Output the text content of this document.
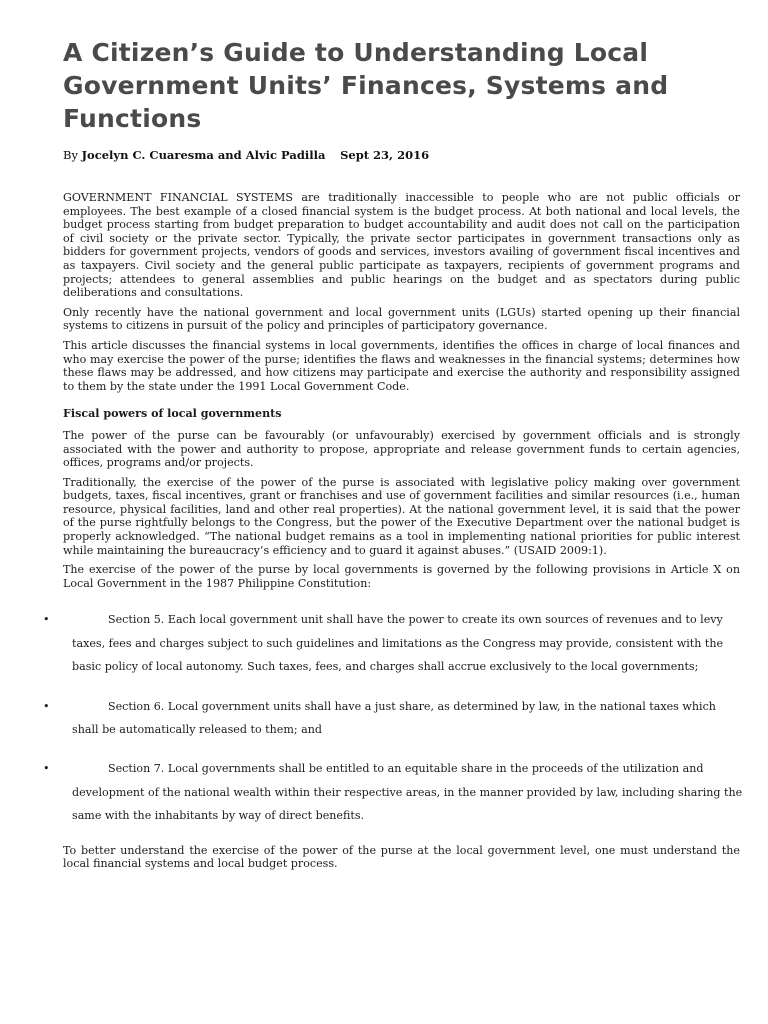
A Citizen’s Guide to Understanding Local Government Units’ Finances, Systems and Functions
By Jocelyn C. Cuaresma and Alvic Padilla Sept 23, 2016

GOVERNMENT FINANCIAL SYSTEMS are traditionally inaccessible to people who are not public officials or employees. The best example of a closed financial system is the budget process. At both national and local levels, the budget process starting from budget preparation to budget accountability and audit does not call on the participation of civil society or the private sector. Typically, the private sector participates in government transactions only as bidders for government projects, vendors of goods and services, investors availing of government fiscal incentives and as taxpayers. Civil society and the general public participate as taxpayers, recipients of government programs and projects; attendees to general assemblies and public hearings on the budget and as spectators during public deliberations and consultations.

Only recently have the national government and local government units (LGUs) started opening up their financial systems to citizens in pursuit of the policy and principles of participatory governance.

This article discusses the financial systems in local governments, identifies the offices in charge of local finances and who may exercise the power of the purse; identifies the flaws and weaknesses in the financial systems; determines how these flaws may be addressed, and how citizens may participate and exercise the authority and responsibility assigned to them by the state under the 1991 Local Government Code.

Fiscal powers of local governments

The power of the purse can be favourably (or unfavourably) exercised by government officials and is strongly associated with the power and authority to propose, appropriate and release government funds to certain agencies, offices, programs and/or projects.

Traditionally, the exercise of the power of the purse is associated with legislative policy making over government budgets, taxes, fiscal incentives, grant or franchises and use of government facilities and similar resources (i.e., human resource, physical facilities, land and other real properties). At the national government level, it is said that the power of the purse rightfully belongs to the Congress, but the power of the Executive Department over the national budget is properly acknowledged. “The national budget remains as a tool in implementing national priorities for public interest while maintaining the bureaucracy’s efficiency and to guard it against abuses.” (USAID 2009:1).

The exercise of the power of the purse by local governments is governed by the following provisions in Article X on Local Government in the 1987 Philippine Constitution:

•	Section 5. Each local government unit shall have the power to create its own sources of revenues and to levy taxes, fees and charges subject to such guidelines and limitations as the Congress may provide, consistent with the basic policy of local autonomy. Such taxes, fees, and charges shall accrue exclusively to the local governments;
•	Section 6. Local government units shall have a just share, as determined by law, in the national taxes which shall be automatically released to them; and
•	Section 7. Local governments shall be entitled to an equitable share in the proceeds of the utilization and development of the national wealth within their respective areas, in the manner provided by law, including sharing the same with the inhabitants by way of direct benefits.

To better understand the exercise of the power of the purse at the local government level, one must understand the local financial systems and local budget process.
